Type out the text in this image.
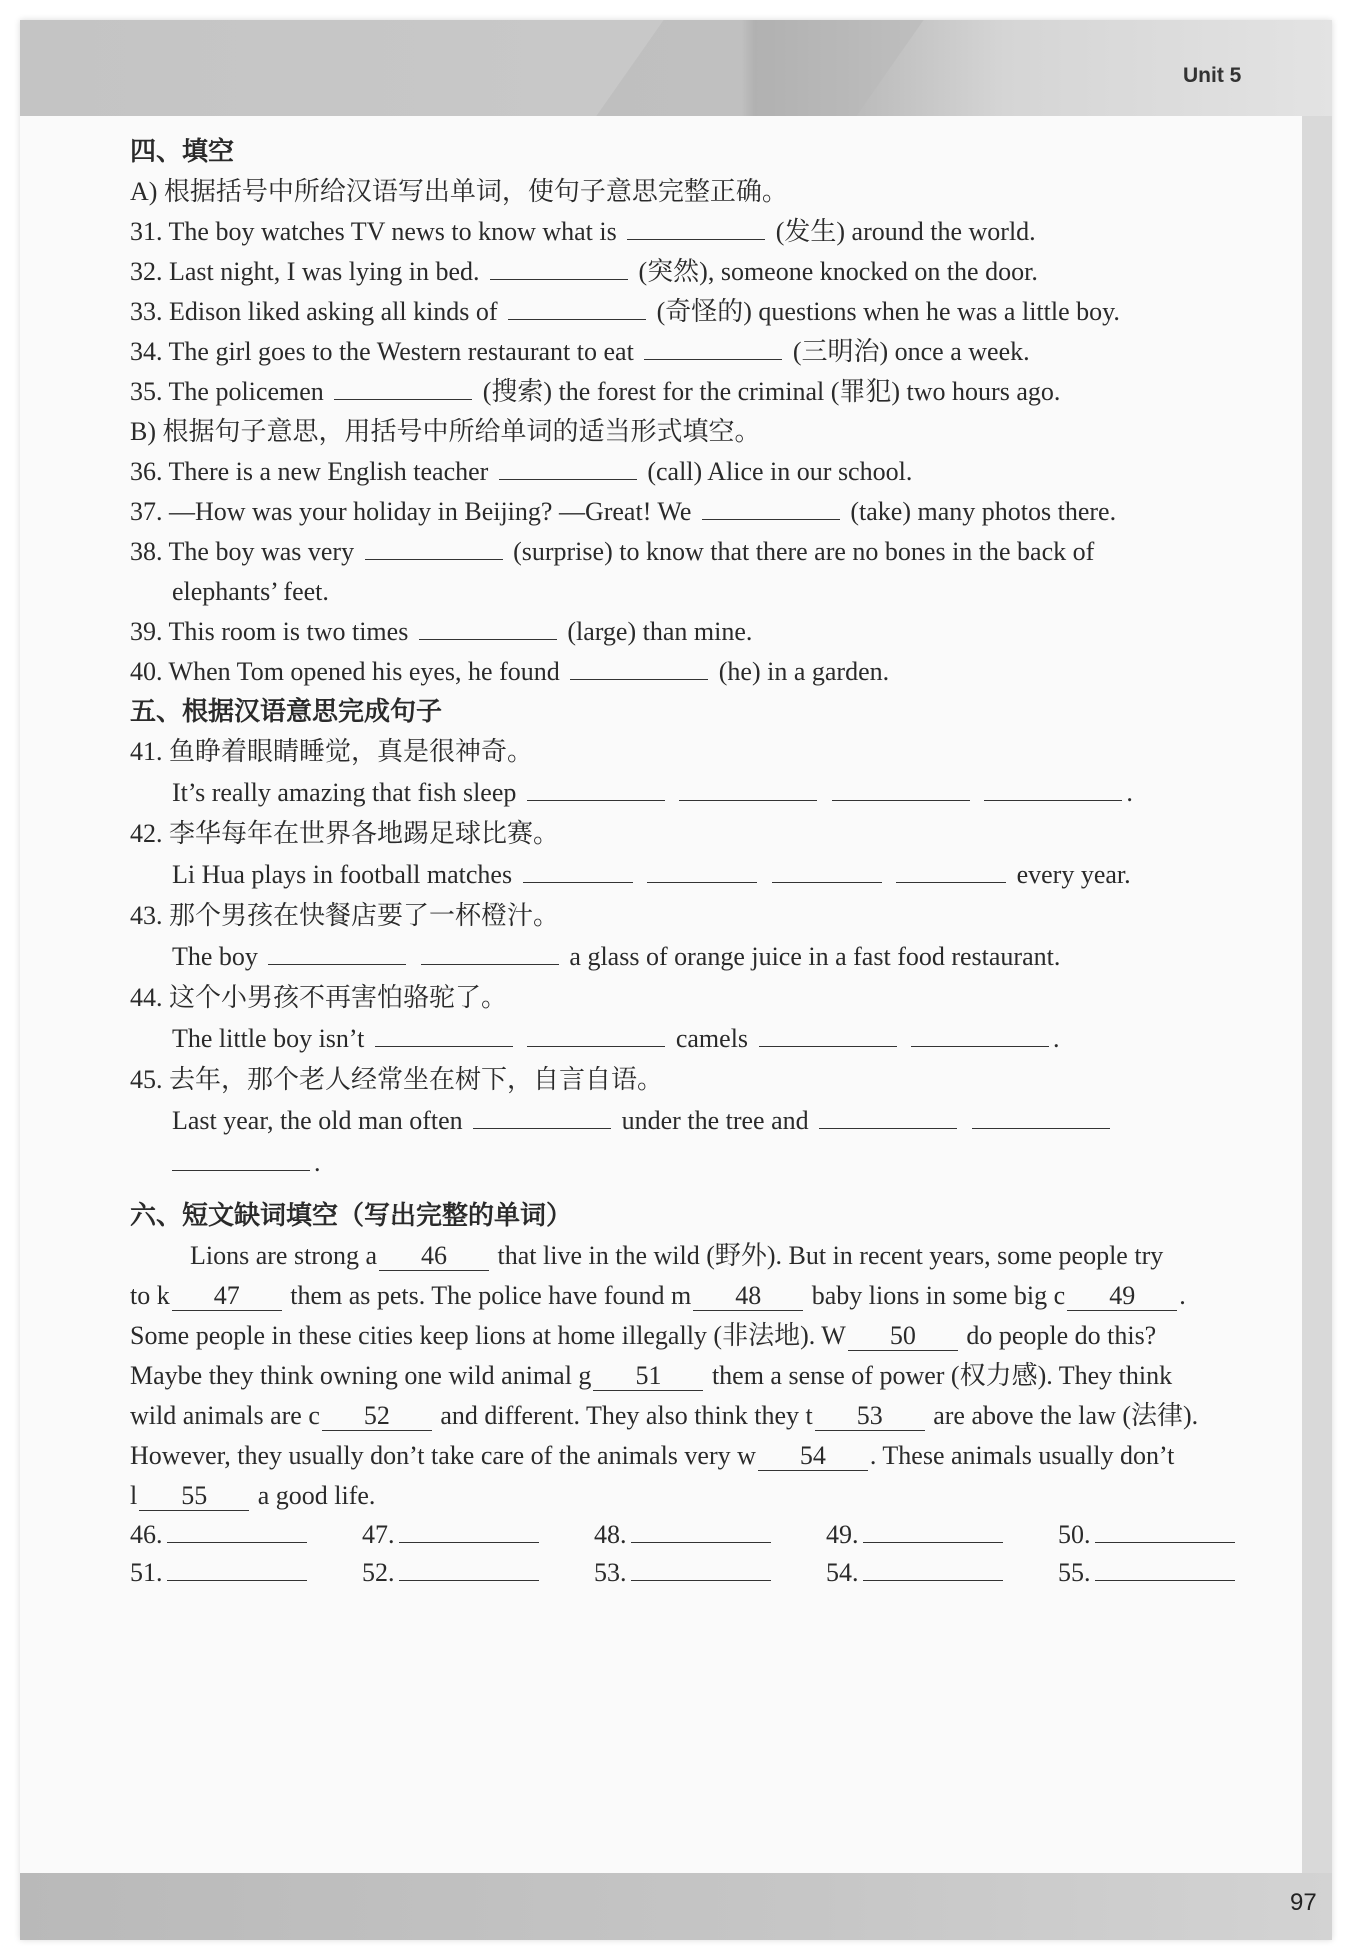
Unit 5
97
四、填空
A) 根据括号中所给汉语写出单词，使句子意思完整正确。
31. The boy watches TV news to know what is	(发生) around the world.
32. Last night, I was lying in bed.	(突然), someone knocked on the door.
33. Edison liked asking all kinds of	(奇怪的) questions when he was a little boy.
34. The girl goes to the Western restaurant to eat	(三明治) once a week.
35. The policemen	(搜索) the forest for the criminal (罪犯) two hours ago.
B) 根据句子意思，用括号中所给单词的适当形式填空。
36. There is a new English teacher	(call) Alice in our school.
37. —How was your holiday in Beijing? —Great! We	(take) many photos there.
38. The boy was very	(surprise) to know that there are no bones in the back of
elephants’ feet.
39. This room is two times	(large) than mine.
40. When Tom opened his eyes, he found	(he) in a garden.
五、根据汉语意思完成句子
41. 鱼睁着眼睛睡觉，真是很神奇。
It’s really amazing that fish sleep	.
42. 李华每年在世界各地踢足球比赛。
Li Hua plays in football matches	every year.
43. 那个男孩在快餐店要了一杯橙汁。
The boy	a glass of orange juice in a fast food restaurant.
44. 这个小男孩不再害怕骆驼了。
The little boy isn’t	camels	.
45. 去年，那个老人经常坐在树下，自言自语。
Last year, the old man often	under the tree and
.
六、短文缺词填空（写出完整的单词）
Lions are strong a 46 that live in the wild (野外). But in recent years, some people try
to k 47 them as pets. The police have found m 48 baby lions in some big c 49 .
Some people in these cities keep lions at home illegally (非法地). W 50 do people do this?
Maybe they think owning one wild animal g 51 them a sense of power (权力感). They think
wild animals are c 52 and different. They also think they t 53 are above the law (法律).
However, they usually don’t take care of the animals very w 54 . These animals usually don’t
l 55 a good life.
46.	47.	48.	49.	50.
51.	52.	53.	54.	55.
